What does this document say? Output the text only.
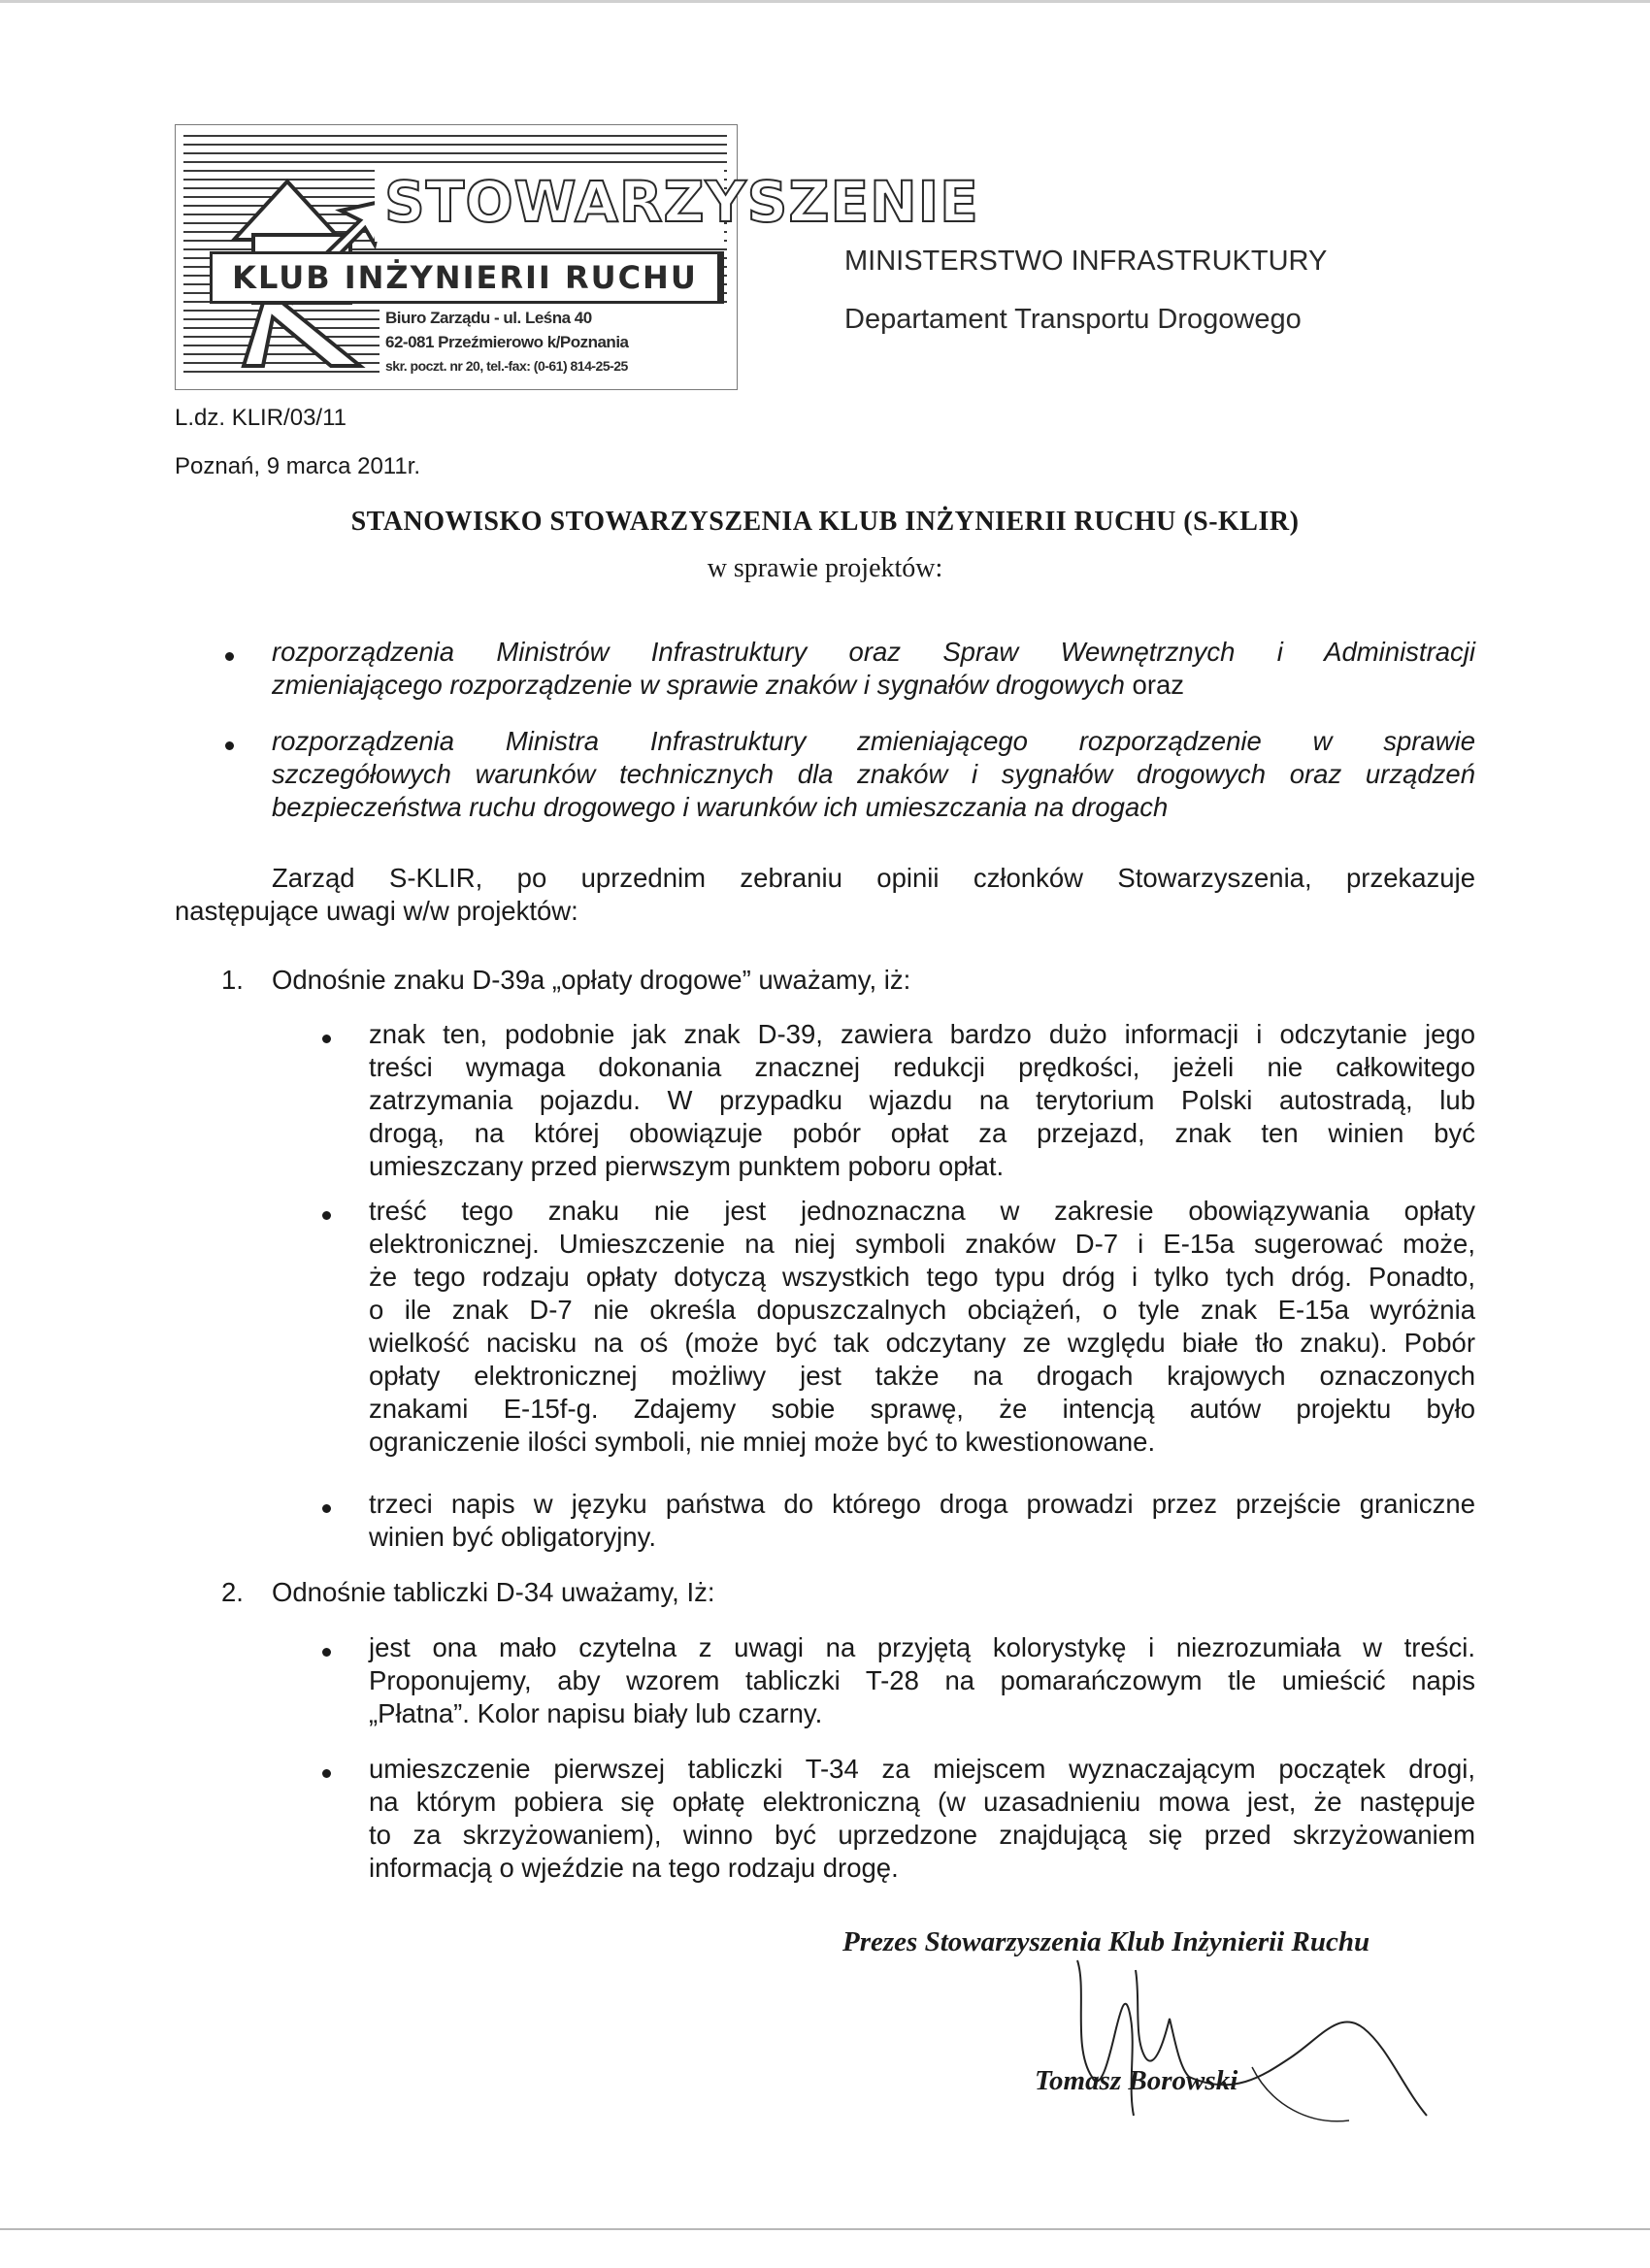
STOWARZYSZENIE
KLUB INŻYNIERII RUCHU
Biuro Zarządu - ul. Leśna 40
62-081 Przeźmierowo k/Poznania
skr. poczt. nr 20, tel.-fax: (0-61) 814-25-25
MINISTERSTWO INFRASTRUKTURY
Departament Transportu Drogowego
L.dz. KLIR/03/11
Poznań, 9 marca 2011r.
STANOWISKO STOWARZYSZENIA KLUB INŻYNIERII RUCHU (S-KLIR)
w sprawie projektów:
rozporządzenia Ministrów Infrastruktury oraz Spraw Wewnętrznych i Administracji
zmieniającego rozporządzenie w sprawie znaków i sygnałów drogowych oraz
rozporządzenia Ministra Infrastruktury zmieniającego rozporządzenie w sprawie
szczegółowych warunków technicznych dla znaków i sygnałów drogowych oraz urządzeń
bezpieczeństwa ruchu drogowego i warunków ich umieszczania na drogach
Zarząd S-KLIR, po uprzednim zebraniu opinii członków Stowarzyszenia, przekazuje
następujące uwagi w/w projektów:
1. Odnośnie znaku D-39a „opłaty drogowe” uważamy, iż:
znak ten, podobnie jak znak D-39, zawiera bardzo dużo informacji i odczytanie jego
treści wymaga dokonania znacznej redukcji prędkości, jeżeli nie całkowitego
zatrzymania pojazdu. W przypadku wjazdu na terytorium Polski autostradą, lub
drogą, na której obowiązuje pobór opłat za przejazd, znak ten winien być
umieszczany przed pierwszym punktem poboru opłat.
treść tego znaku nie jest jednoznaczna w zakresie obowiązywania opłaty
elektronicznej. Umieszczenie na niej symboli znaków D-7 i E-15a sugerować może,
że tego rodzaju opłaty dotyczą wszystkich tego typu dróg i tylko tych dróg. Ponadto,
o ile znak D-7 nie określa dopuszczalnych obciążeń, o tyle znak E-15a wyróżnia
wielkość nacisku na oś (może być tak odczytany ze względu białe tło znaku). Pobór
opłaty elektronicznej możliwy jest także na drogach krajowych oznaczonych
znakami E-15f-g. Zdajemy sobie sprawę, że intencją autów projektu było
ograniczenie ilości symboli, nie mniej może być to kwestionowane.
trzeci napis w języku państwa do którego droga prowadzi przez przejście graniczne
winien być obligatoryjny.
2. Odnośnie tabliczki D-34 uważamy, Iż:
jest ona mało czytelna z uwagi na przyjętą kolorystykę i niezrozumiała w treści.
Proponujemy, aby wzorem tabliczki T-28 na pomarańczowym tle umieścić napis
„Płatna”. Kolor napisu biały lub czarny.
umieszczenie pierwszej tabliczki T-34 za miejscem wyznaczającym początek drogi,
na którym pobiera się opłatę elektroniczną (w uzasadnieniu mowa jest, że następuje
to za skrzyżowaniem), winno być uprzedzone znajdującą się przed skrzyżowaniem
informacją o wjeździe na tego rodzaju drogę.
Prezes Stowarzyszenia Klub Inżynierii Ruchu
Tomasz Borowski
